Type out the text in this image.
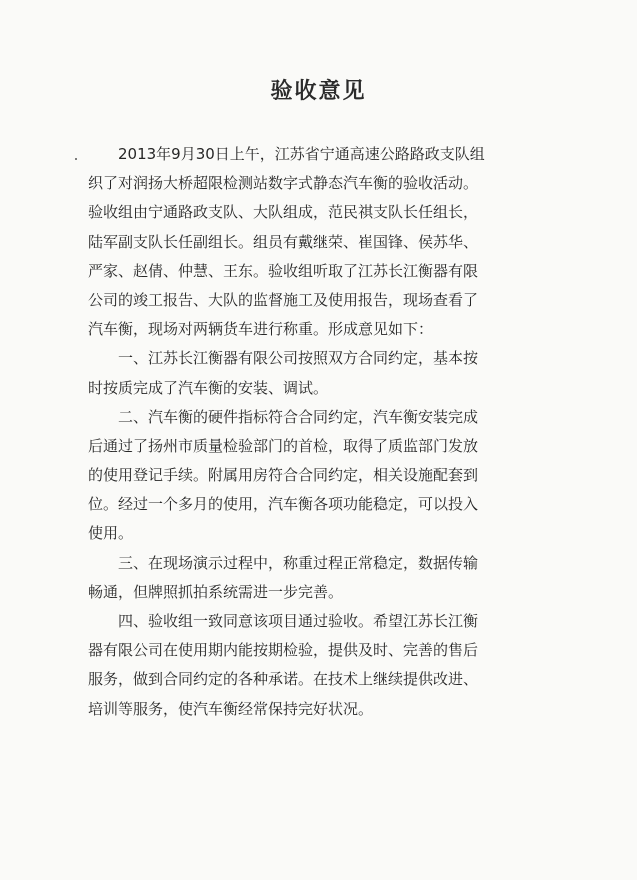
验收意见
　　2013年9月30日上午，江苏省宁通高速公路路政支队组
织了对润扬大桥超限检测站数字式静态汽车衡的验收活动。
验收组由宁通路政支队、大队组成，范民祺支队长任组长，
陆军副支队长任副组长。组员有戴继荣、崔国锋、侯苏华、
严家、赵倩、仲慧、王东。验收组听取了江苏长江衡器有限
公司的竣工报告、大队的监督施工及使用报告，现场查看了
汽车衡，现场对两辆货车进行称重。形成意见如下：
　　一、江苏长江衡器有限公司按照双方合同约定，基本按
时按质完成了汽车衡的安装、调试。
　　二、汽车衡的硬件指标符合合同约定，汽车衡安装完成
后通过了扬州市质量检验部门的首检，取得了质监部门发放
的使用登记手续。附属用房符合合同约定，相关设施配套到
位。经过一个多月的使用，汽车衡各项功能稳定，可以投入
使用。
　　三、在现场演示过程中，称重过程正常稳定，数据传输
畅通，但牌照抓拍系统需进一步完善。
　　四、验收组一致同意该项目通过验收。希望江苏长江衡
器有限公司在使用期内能按期检验，提供及时、完善的售后
服务，做到合同约定的各种承诺。在技术上继续提供改进、
培训等服务，使汽车衡经常保持完好状况。
